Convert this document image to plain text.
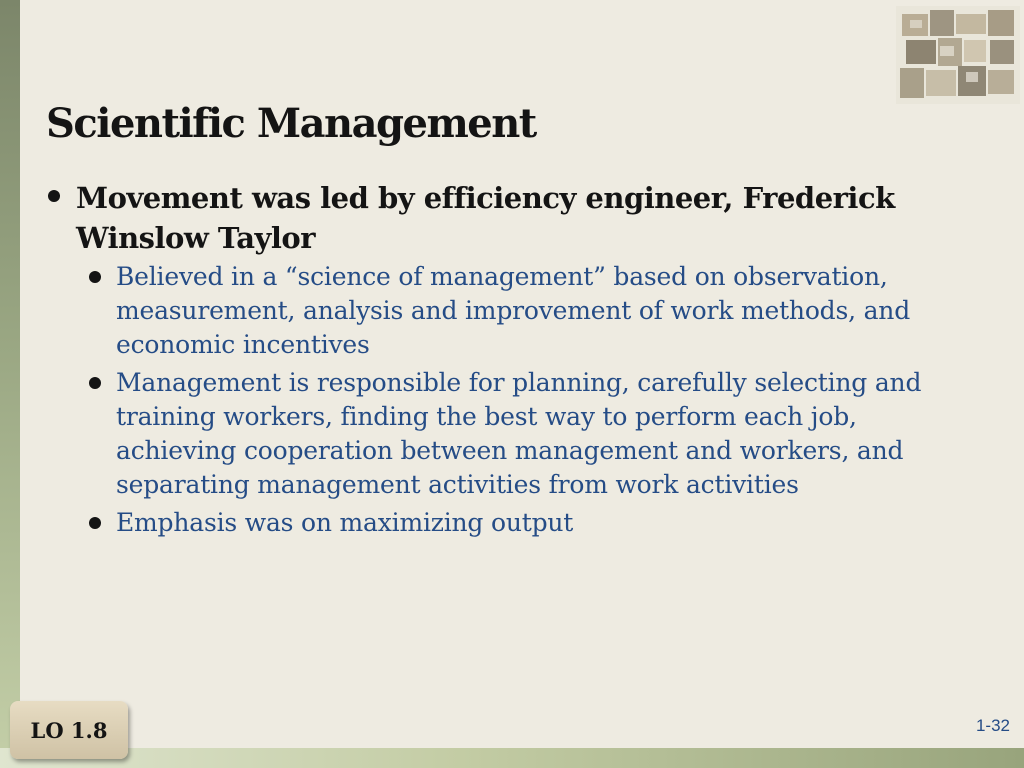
Scientific Management
Movement was led by efficiency engineer, Frederick Winslow Taylor
Believed in a “science of management” based on observation, measurement, analysis and improvement of work methods, and economic incentives
Management is responsible for planning, carefully selecting and training workers, finding the best way to perform each job, achieving cooperation between management and workers, and separating management activities from work activities
Emphasis was on maximizing output
LO 1.8	1-32
